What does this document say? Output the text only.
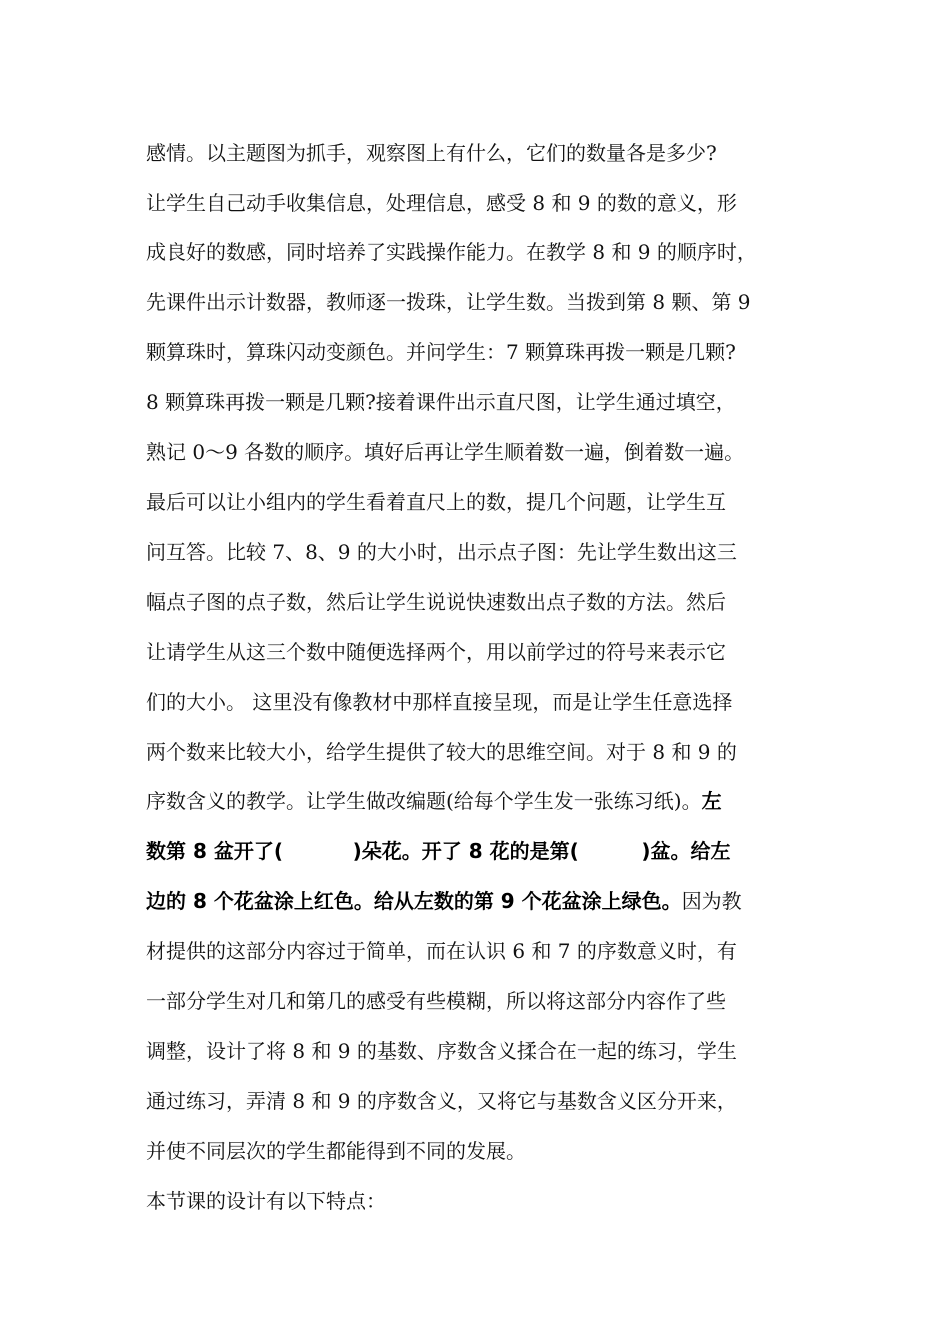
感情。以主题图为抓手，观察图上有什么，它们的数量各是多少?
让学生自己动手收集信息，处理信息，感受 8 和 9 的数的意义，形
成良好的数感，同时培养了实践操作能力。在教学 8 和 9 的顺序时，
先课件出示计数器，教师逐一拨珠，让学生数。当拨到第 8 颗、第 9
颗算珠时，算珠闪动变颜色。并问学生：7 颗算珠再拨一颗是几颗?
8 颗算珠再拨一颗是几颗?接着课件出示直尺图，让学生通过填空，
熟记 0～9 各数的顺序。填好后再让学生顺着数一遍，倒着数一遍。
最后可以让小组内的学生看着直尺上的数，提几个问题，让学生互
问互答。比较 7、8、9 的大小时，出示点子图：先让学生数出这三
幅点子图的点子数，然后让学生说说快速数出点子数的方法。然后
让请学生从这三个数中随便选择两个，用以前学过的符号来表示它
们的大小。 这里没有像教材中那样直接呈现，而是让学生任意选择
两个数来比较大小，给学生提供了较大的思维空间。对于 8 和 9 的
序数含义的教学。让学生做改编题(给每个学生发一张练习纸)。左
数第 8 盆开了(          )朵花。开了 8 花的是第(         )盆。给左
边的 8 个花盆涂上红色。给从左数的第 9 个花盆涂上绿色。因为教
材提供的这部分内容过于简单，而在认识 6 和 7 的序数意义时，有
一部分学生对几和第几的感受有些模糊，所以将这部分内容作了些
调整，设计了将 8 和 9 的基数、序数含义揉合在一起的练习，学生
通过练习，弄清 8 和 9 的序数含义，又将它与基数含义区分开来，
并使不同层次的学生都能得到不同的发展。
本节课的设计有以下特点：
